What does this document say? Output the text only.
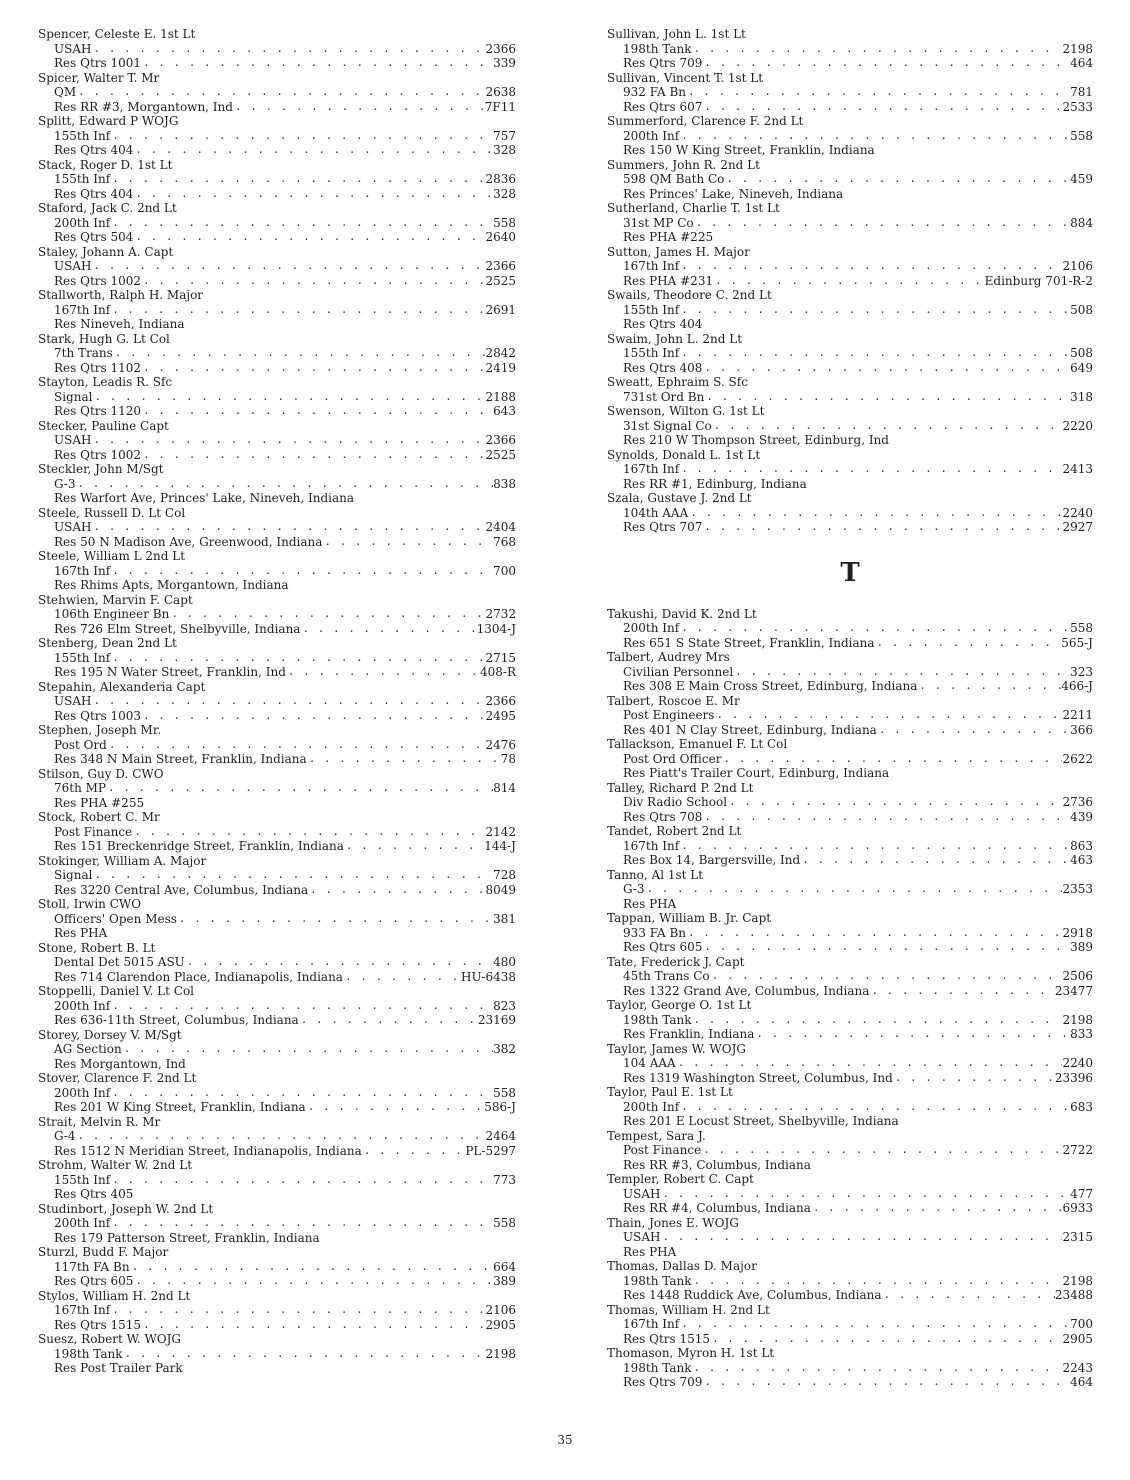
Spencer, Celeste E. 1st Lt
USAH . . .	2366
Res Qtrs 1001 . . .	339
Spicer, Walter T. Mr
QM . . .	2638
Res RR #3, Morgantown, Ind . . .	7F11
Splitt, Edward P WOJG
155th Inf . . .	757
Res Qtrs 404 . . .	328
Stack, Roger D. 1st Lt
155th Inf . . .	2836
Res Qtrs 404 . . .	328
Staford, Jack C. 2nd Lt
200th Inf . . .	558
Res Qtrs 504 . . .	2640
Staley, Johann A. Capt
USAH . . .	2366
Res Qtrs 1002 . . .	2525
Stallworth, Ralph H. Major
167th Inf . . .	2691
Res Nineveh, Indiana
Stark, Hugh G. Lt Col
7th Trans . . .	2842
Res Qtrs 1102 . . .	2419
Stayton, Leadis R. Sfc
Signal . . .	2188
Res Qtrs 1120 . . .	643
Stecker, Pauline Capt
USAH . . .	2366
Res Qtrs 1002 . . .	2525
Steckler, John M/Sgt
G-3 . . .	838
Res Warfort Ave, Princes' Lake, Nineveh, Indiana
Steele, Russell D. Lt Col
USAH . . .	2404
Res 50 N Madison Ave, Greenwood, Indiana . . .	768
Steele, William L 2nd Lt
167th Inf . . .	700
Res Rhims Apts, Morgantown, Indiana
Stehwien, Marvin F. Capt
106th Engineer Bn . . .	2732
Res 726 Elm Street, Shelbyville, Indiana . . .	1304-J
Stenberg, Dean 2nd Lt
155th Inf . . .	2715
Res 195 N Water Street, Franklin, Ind . . .	408-R
Stepahin, Alexanderia Capt
USAH . . .	2366
Res Qtrs 1003 . . .	2495
Stephen, Joseph Mr.
Post Ord . . .	2476
Res 348 N Main Street, Franklin, Indiana . . .	78
Stilson, Guy D. CWO
76th MP . . .	814
Res PHA #255
Stock, Robert C. Mr
Post Finance . . .	2142
Res 151 Breckenridge Street, Franklin, Indiana . . .	144-J
Stokinger, William A. Major
Signal . . .	728
Res 3220 Central Ave, Columbus, Indiana . . .	8049
Stoll, Irwin CWO
Officers' Open Mess . . .	381
Res PHA
Stone, Robert B. Lt
Dental Det 5015 ASU . . .	480
Res 714 Clarendon Place, Indianapolis, Indiana . . .	HU-6438
Stoppelli, Daniel V. Lt Col
200th Inf . . .	823
Res 636-11th Street, Columbus, Indiana . . .	23169
Storey, Dorsey V. M/Sgt
AG Section . . .	382
Res Morgantown, Ind
Stover, Clarence F. 2nd Lt
200th Inf . . .	558
Res 201 W King Street, Franklin, Indiana . . .	586-J
Strait, Melvin R. Mr
G-4 . . .	2464
Res 1512 N Meridian Street, Indianapolis, Indiana . . .	PL-5297
Strohm, Walter W. 2nd Lt
155th Inf . . .	773
Res Qtrs 405
Studinbort, Joseph W. 2nd Lt
200th Inf . . .	558
Res 179 Patterson Street, Franklin, Indiana
Sturzl, Budd F. Major
117th FA Bn . . .	664
Res Qtrs 605 . . .	389
Stylos, William H. 2nd Lt
167th Inf . . .	2106
Res Qtrs 1515 . . .	2905
Suesz, Robert W. WOJG
198th Tank . . .	2198
Res Post Trailer Park
Sullivan, John L. 1st Lt
198th Tank . . .	2198
Res Qtrs 709 . . .	464
Sullivan, Vincent T. 1st Lt
932 FA Bn . . .	781
Res Qtrs 607 . . .	2533
Summerford, Clarence F. 2nd Lt
200th Inf . . .	558
Res 150 W King Street, Franklin, Indiana
Summers, John R. 2nd Lt
598 QM Bath Co . . .	459
Res Princes' Lake, Nineveh, Indiana
Sutherland, Charlie T. 1st Lt
31st MP Co . . .	884
Res PHA #225
Sutton, James H. Major
167th Inf . . .	2106
Res PHA #231 . . .	Edinburg 701-R-2
Swails, Theodore C. 2nd Lt
155th Inf . . .	508
Res Qtrs 404
Swaim, John L. 2nd Lt
155th Inf . . .	508
Res Qtrs 408 . . .	649
Sweatt, Ephraim S. Sfc
731st Ord Bn . . .	318
Swenson, Wilton G. 1st Lt
31st Signal Co . . .	2220
Res 210 W Thompson Street, Edinburg, Ind
Synolds, Donald L. 1st Lt
167th Inf . . .	2413
Res RR #1, Edinburg, Indiana
Szala, Gustave J. 2nd Lt
104th AAA . . .	2240
Res Qtrs 707 . . .	2927
T
Takushi, David K. 2nd Lt
200th Inf . . .	558
Res 651 S State Street, Franklin, Indiana . . .	565-J
Talbert, Audrey Mrs
Civilian Personnel . . .	323
Res 308 E Main Cross Street, Edinburg, Indiana . . .	466-J
Talbert, Roscoe E. Mr
Post Engineers . . .	2211
Res 401 N Clay Street, Edinburg, Indiana . . .	366
Tallackson, Emanuel F. Lt Col
Post Ord Officer . . .	2622
Res Piatt's Trailer Court, Edinburg, Indiana
Talley, Richard P. 2nd Lt
Div Radio School . . .	2736
Res Qtrs 708 . . .	439
Tandet, Robert 2nd Lt
167th Inf . . .	863
Res Box 14, Bargersville, Ind . . .	463
Tanno, Al 1st Lt
G-3 . . .	2353
Res PHA
Tappan, William B. Jr. Capt
933 FA Bn . . .	2918
Res Qtrs 605 . . .	389
Tate, Frederick J. Capt
45th Trans Co . . .	2506
Res 1322 Grand Ave, Columbus, Indiana . . .	23477
Taylor, George O. 1st Lt
198th Tank . . .	2198
Res Franklin, Indiana . . .	833
Taylor, James W. WOJG
104 AAA . . .	2240
Res 1319 Washington Street, Columbus, Ind . . .	23396
Taylor, Paul E. 1st Lt
200th Inf . . .	683
Res 201 E Locust Street, Shelbyville, Indiana
Tempest, Sara J.
Post Finance . . .	2722
Res RR #3, Columbus, Indiana
Templer, Robert C. Capt
USAH . . .	477
Res RR #4, Columbus, Indiana . . .	6933
Thain, Jones E. WOJG
USAH . . .	2315
Res PHA
Thomas, Dallas D. Major
198th Tank . . .	2198
Res 1448 Ruddick Ave, Columbus, Indiana . . .	23488
Thomas, William H. 2nd Lt
167th Inf . . .	700
Res Qtrs 1515 . . .	2905
Thomason, Myron H. 1st Lt
198th Tank . . .	2243
Res Qtrs 709 . . .	464
35
